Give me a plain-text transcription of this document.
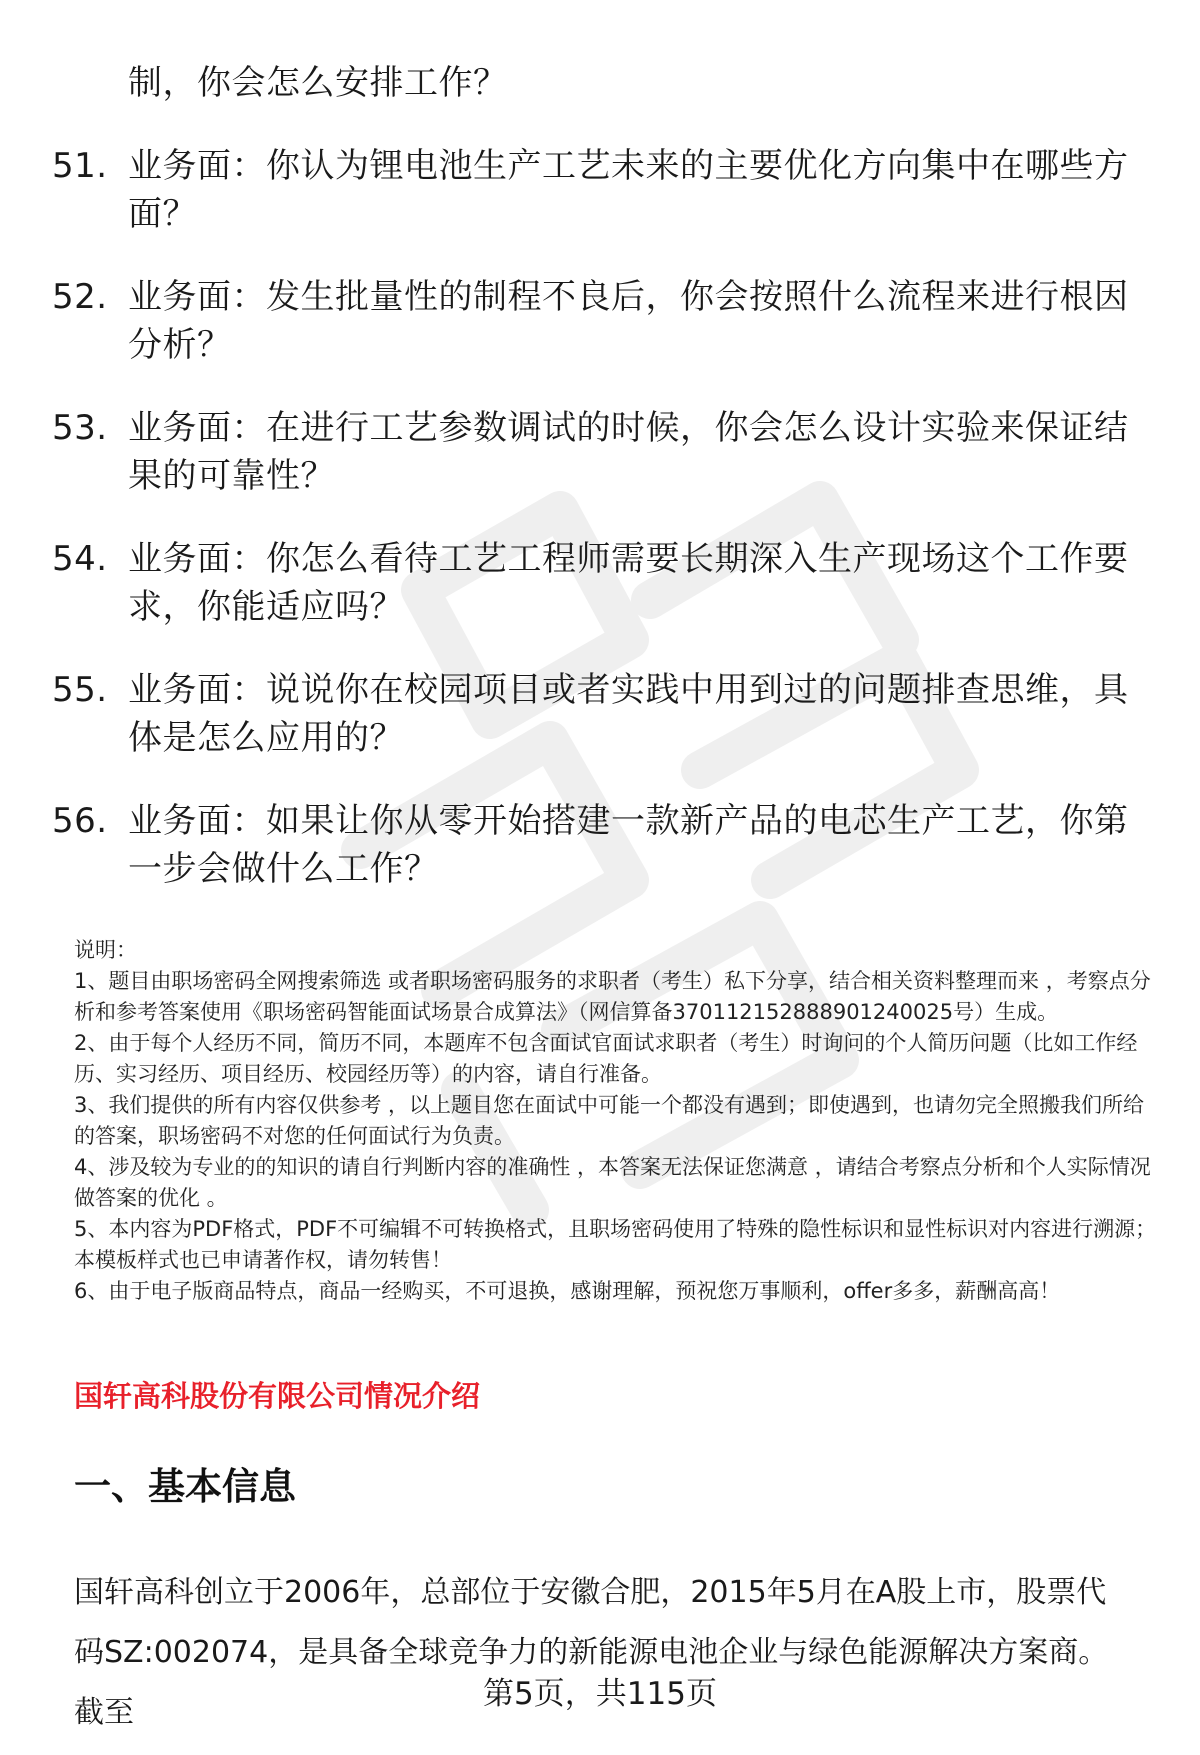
制，你会怎么安排工作？
51. 业务面：你认为锂电池生产工艺未来的主要优化方向集中在哪些方面？
52. 业务面：发生批量性的制程不良后，你会按照什么流程来进行根因分析？
53. 业务面：在进行工艺参数调试的时候，你会怎么设计实验来保证结果的可靠性？
54. 业务面：你怎么看待工艺工程师需要长期深入生产现场这个工作要求，你能适应吗？
55. 业务面：说说你在校园项目或者实践中用到过的问题排查思维，具体是怎么应用的？
56. 业务面：如果让你从零开始搭建一款新产品的电芯生产工艺，你第一步会做什么工作？

说明：

1、题目由职场密码全网搜索筛选 或者职场密码服务的求职者（考生）私下分享，结合相关资料整理而来 ，考察点分析和参考答案使用《职场密码智能面试场景合成算法》（网信算备370112152888901240025号）生成。

2、由于每个人经历不同，简历不同，本题库不包含面试官面试求职者（考生）时询问的个人简历问题（比如工作经历、实习经历、项目经历、校园经历等）的内容，请自行准备。

3、我们提供的所有内容仅供参考 ，以上题目您在面试中可能一个都没有遇到；即使遇到，也请勿完全照搬我们所给的答案，职场密码不对您的任何面试行为负责。

4、涉及较为专业的的知识的请自行判断内容的准确性 ，本答案无法保证您满意 ，请结合考察点分析和个人实际情况做答案的优化 。

5、本内容为PDF格式，PDF不可编辑不可转换格式，且职场密码使用了特殊的隐性标识和显性标识对内容进行溯源；本模板样式也已申请著作权，请勿转售！

6、由于电子版商品特点，商品一经购买，不可退换，感谢理解，预祝您万事顺利，offer多多，薪酬高高！

国轩高科股份有限公司情况介绍
一、基本信息

国轩高科创立于2006年，总部位于安徽合肥，2015年5月在A股上市，股票代码SZ:002074，是具备全球竞争力的新能源电池企业与绿色能源解决方案商。截至

第5页，共115页
